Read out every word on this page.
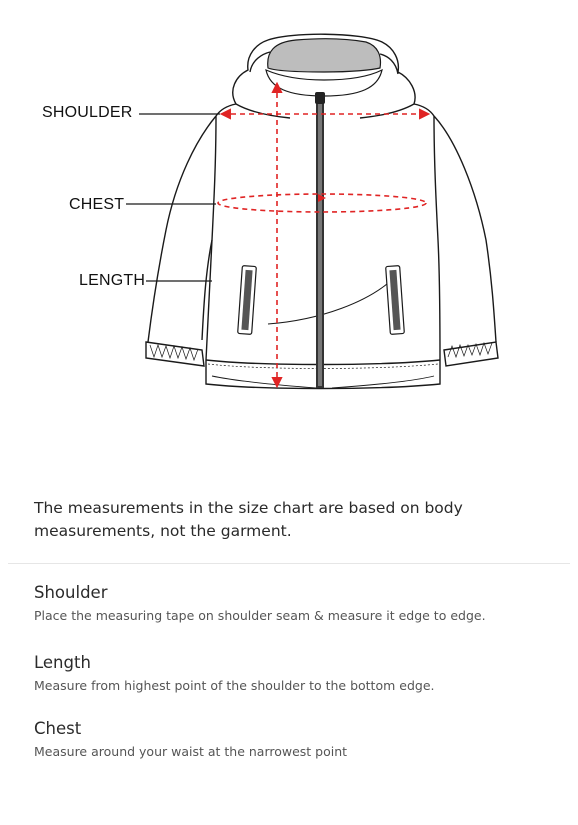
SHOULDER
CHEST
LENGTH

The measurements in the size chart are based on body measurements, not the garment.

Shoulder
Place the measuring tape on shoulder seam & measure it edge to edge.
Length
Measure from highest point of the shoulder to the bottom edge.
Chest
Measure around your waist at the narrowest point
